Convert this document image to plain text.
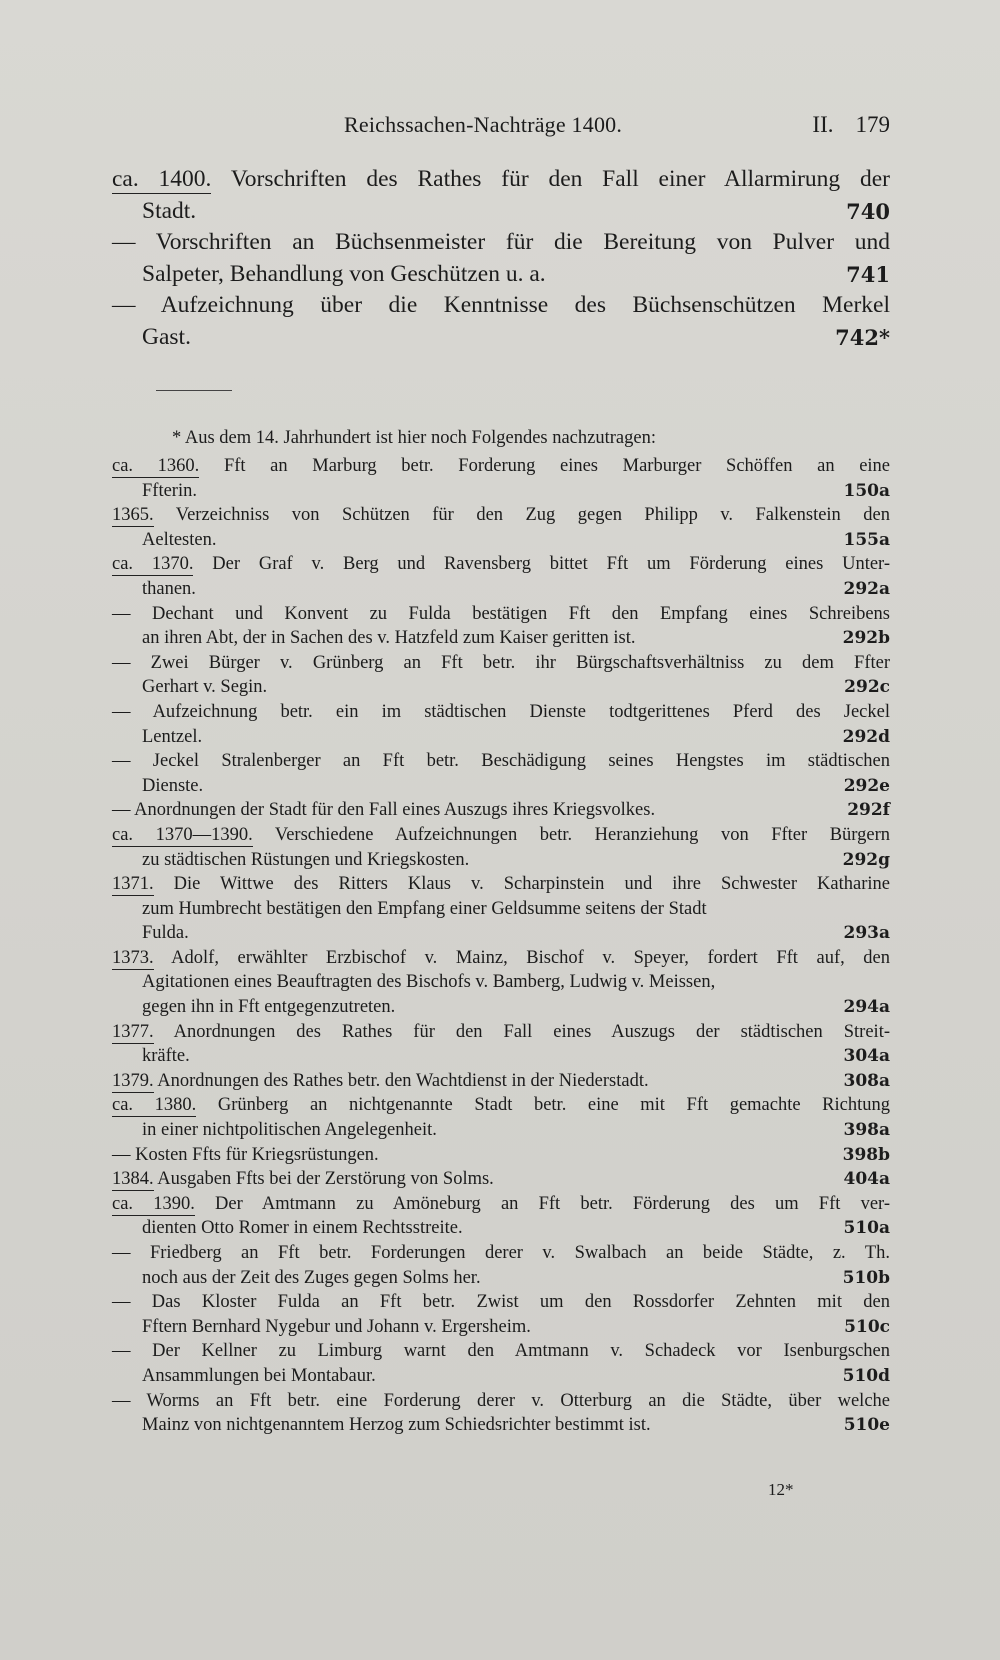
Reichssachen-Nachträge 1400.	II. 179
ca. 1400. Vorschriften des Rathes für den Fall einer Allarmirung der
Stadt.	740
— Vorschriften an Büchsenmeister für die Bereitung von Pulver und
Salpeter, Behandlung von Geschützen u. a.	741
— Aufzeichnung über die Kenntnisse des Büchsenschützen Merkel
Gast.	742*
* Aus dem 14. Jahrhundert ist hier noch Folgendes nachzutragen:
ca. 1360. Fft an Marburg betr. Forderung eines Marburger Schöffen an eine
Ffterin.	150a
1365. Verzeichniss von Schützen für den Zug gegen Philipp v. Falkenstein den
Aeltesten.	155a
ca. 1370. Der Graf v. Berg und Ravensberg bittet Fft um Förderung eines Unter-
thanen.	292a
— Dechant und Konvent zu Fulda bestätigen Fft den Empfang eines Schreibens
an ihren Abt, der in Sachen des v. Hatzfeld zum Kaiser geritten ist.	292b
— Zwei Bürger v. Grünberg an Fft betr. ihr Bürgschaftsverhältniss zu dem Ffter
Gerhart v. Segin.	292c
— Aufzeichnung betr. ein im städtischen Dienste todtgerittenes Pferd des Jeckel
Lentzel.	292d
— Jeckel Stralenberger an Fft betr. Beschädigung seines Hengstes im städtischen
Dienste.	292e
— Anordnungen der Stadt für den Fall eines Auszugs ihres Kriegsvolkes.	292f
ca. 1370—1390. Verschiedene Aufzeichnungen betr. Heranziehung von Ffter Bürgern
zu städtischen Rüstungen und Kriegskosten.	292g
1371. Die Wittwe des Ritters Klaus v. Scharpinstein und ihre Schwester Katharine
zum Humbrecht bestätigen den Empfang einer Geldsumme seitens der Stadt
Fulda.	293a
1373. Adolf, erwählter Erzbischof v. Mainz, Bischof v. Speyer, fordert Fft auf, den
Agitationen eines Beauftragten des Bischofs v. Bamberg, Ludwig v. Meissen,
gegen ihn in Fft entgegenzutreten.	294a
1377. Anordnungen des Rathes für den Fall eines Auszugs der städtischen Streit-
kräfte.	304a
1379. Anordnungen des Rathes betr. den Wachtdienst in der Niederstadt.	308a
ca. 1380. Grünberg an nichtgenannte Stadt betr. eine mit Fft gemachte Richtung
in einer nichtpolitischen Angelegenheit.	398a
— Kosten Ffts für Kriegsrüstungen.	398b
1384. Ausgaben Ffts bei der Zerstörung von Solms.	404a
ca. 1390. Der Amtmann zu Amöneburg an Fft betr. Förderung des um Fft ver-
dienten Otto Romer in einem Rechtsstreite.	510a
— Friedberg an Fft betr. Forderungen derer v. Swalbach an beide Städte, z. Th.
noch aus der Zeit des Zuges gegen Solms her.	510b
— Das Kloster Fulda an Fft betr. Zwist um den Rossdorfer Zehnten mit den
Fftern Bernhard Nygebur und Johann v. Ergersheim.	510c
— Der Kellner zu Limburg warnt den Amtmann v. Schadeck vor Isenburgschen
Ansammlungen bei Montabaur.	510d
— Worms an Fft betr. eine Forderung derer v. Otterburg an die Städte, über welche
Mainz von nichtgenanntem Herzog zum Schiedsrichter bestimmt ist.	510e
12*
